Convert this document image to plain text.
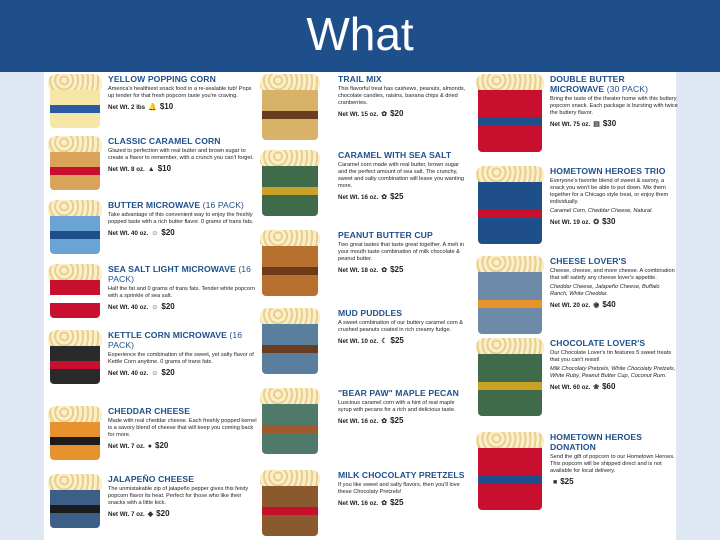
What
YELLOW POPPING CORN
America's healthiest snack food in a re-sealable tub! Pops up tender for that fresh popcorn taste you're craving.
Net Wt. 2 lbs 🔔 $10
CLASSIC CARAMEL CORN
Glazed to perfection with real butter and brown sugar to create a flavor to remember, with a crunch you can't forget.
Net Wt. 8 oz. ▲ $10
BUTTER MICROWAVE (16 PACK)
Take advantage of this convenient way to enjoy the freshly popped taste with a rich butter flavor. 0 grams of trans fats.
Net Wt. 40 oz. ☺ $20
SEA SALT LIGHT MICROWAVE (16 PACK)
Half the fat and 0 grams of trans fats. Tender white popcorn with a sprinkle of sea salt.
Net Wt. 40 oz. ☺ $20
KETTLE CORN MICROWAVE (16 PACK)
Experience the combination of the sweet, yet salty flavor of Kettle Corn anytime. 0 grams of trans fats.
Net Wt. 40 oz. ☺ $20
CHEDDAR CHEESE
Made with real cheddar cheese. Each freshly popped kernel is a savory blend of cheese that will keep you coming back for more.
Net Wt. 7 oz. ● $20
JALAPEÑO CHEESE
The unmistakable zip of jalapeño pepper gives this feisty popcorn flavor its heat. Perfect for those who like their snacks with a little kick.
Net Wt. 7 oz. ◆ $20
TRAIL MIX
This flavorful treat has cashews, peanuts, almonds, chocolate candies, raisins, banana chips & dried cranberries.
Net Wt. 15 oz. ✿ $20
CARAMEL WITH SEA SALT
Caramel corn made with real butter, brown sugar and the perfect amount of sea salt. The crunchy, sweet and salty combination will leave you wanting more.
Net Wt. 16 oz. ✿ $25
PEANUT BUTTER CUP
Two great tastes that taste great together. A melt in your mouth taste combination of milk chocolate & peanut butter.
Net Wt. 18 oz. ✿ $25
MUD PUDDLES
A sweet combination of our buttery caramel corn & crushed peanuts coated in rich creamy fudge.
Net Wt. 10 oz. ☾ $25
"BEAR PAW" MAPLE PECAN
Luscious caramel corn with a hint of real maple syrup with pecans for a rich and delicious taste.
Net Wt. 16 oz. ✿ $25
MILK CHOCOLATY PRETZELS
If you like sweet and salty flavors, then you'll love these Chocolaty Pretzels!
Net Wt. 16 oz. ✿ $25
DOUBLE BUTTER MICROWAVE (30 PACK)
Bring the taste of the theater home with this buttery popcorn snack. Each package is bursting with twice the buttery flavor.
Net Wt. 75 oz. ▤ $30
HOMETOWN HEROES TRIO
Everyone's favorite blend of sweet & savory, a snack you won't be able to put down. Mix them together for a Chicago style treat, or enjoy them individually.
Caramel Corn, Cheddar Cheese, Natural.
Net Wt. 19 oz. ✪ $30
CHEESE LOVER'S
Cheese, cheese, and more cheese. A combination that will satisfy any cheese lover's appetite.
Cheddar Cheese, Jalapeño Cheese, Buffalo Ranch, White Cheddar.
Net Wt. 20 oz. ◉ $40
CHOCOLATE LOVER'S
Our Chocolate Lover's tin features 5 sweet treats that you can't resist!
Milk Chocolaty Pretzels, White Chocolaty Pretzels, White Ruby, Peanut Butter Cup, Coconut Rum.
Net Wt. 60 oz. ❀ $60
HOMETOWN HEROES DONATION
Send the gift of popcorn to our Hometown Heroes. This popcorn will be shipped direct and is not available for local delivery.
■ $25
